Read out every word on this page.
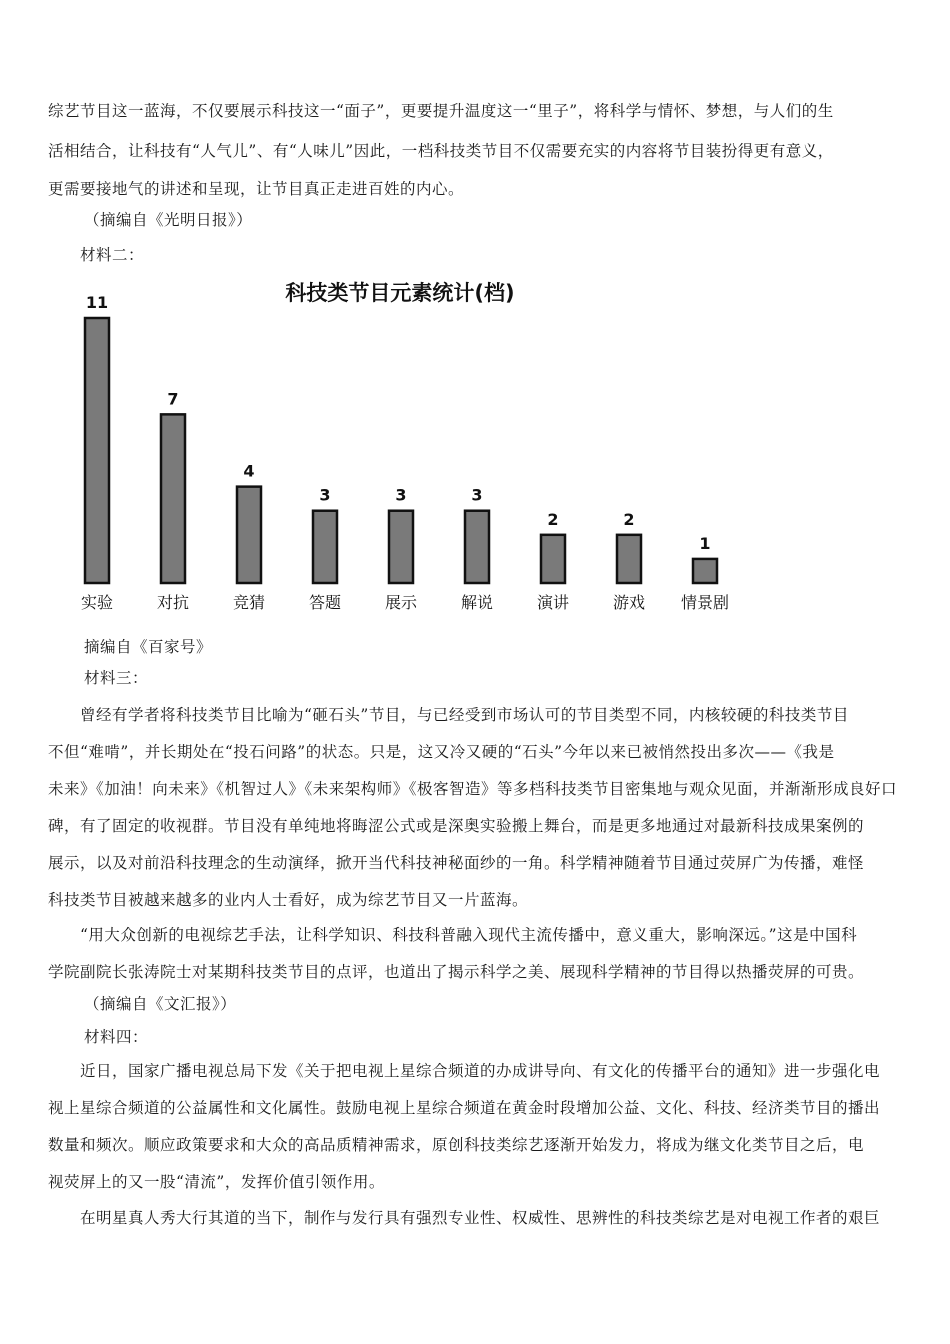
综艺节目这一蓝海，不仅要展示科技这一“面子”，更要提升温度这一“里子”，将科学与情怀、梦想，与人们的生
活相结合，让科技有“人气儿”、有“人味儿”因此，一档科技类节目不仅需要充实的内容将节目装扮得更有意义，
更需要接地气的讲述和呈现，让节目真正走进百姓的内心。
（摘编自《光明日报》）
材料二：
科技类节目元素统计(档)
11
实验
7
对抗
4
竞猜
3
答题
3
展示
3
解说
2
演讲
2
游戏
1
情景剧
摘编自《百家号》
材料三：
曾经有学者将科技类节目比喻为“砸石头”节目，与已经受到市场认可的节目类型不同，内核较硬的科技类节目
不但“难啃”，并长期处在“投石问路”的状态。只是，这又冷又硬的“石头”今年以来已被悄然投出多次——《我是
未来》《加油！向未来》《机智过人》《未来架构师》《极客智造》等多档科技类节目密集地与观众见面，并渐渐形成良好口
碑，有了固定的收视群。节目没有单纯地将晦涩公式或是深奥实验搬上舞台，而是更多地通过对最新科技成果案例的
展示，以及对前沿科技理念的生动演绎，掀开当代科技神秘面纱的一角。科学精神随着节目通过荧屏广为传播，难怪
科技类节目被越来越多的业内人士看好，成为综艺节目又一片蓝海。
“用大众创新的电视综艺手法，让科学知识、科技科普融入现代主流传播中，意义重大，影响深远。”这是中国科
学院副院长张涛院士对某期科技类节目的点评，也道出了揭示科学之美、展现科学精神的节目得以热播荧屏的可贵。
（摘编自《文汇报》）
材料四：
近日，国家广播电视总局下发《关于把电视上星综合频道的办成讲导向、有文化的传播平台的通知》进一步强化电
视上星综合频道的公益属性和文化属性。鼓励电视上星综合频道在黄金时段增加公益、文化、科技、经济类节目的播出
数量和频次。顺应政策要求和大众的高品质精神需求，原创科技类综艺逐渐开始发力，将成为继文化类节目之后，电
视荧屏上的又一股“清流”，发挥价值引领作用。
在明星真人秀大行其道的当下，制作与发行具有强烈专业性、权威性、思辨性的科技类综艺是对电视工作者的艰巨
